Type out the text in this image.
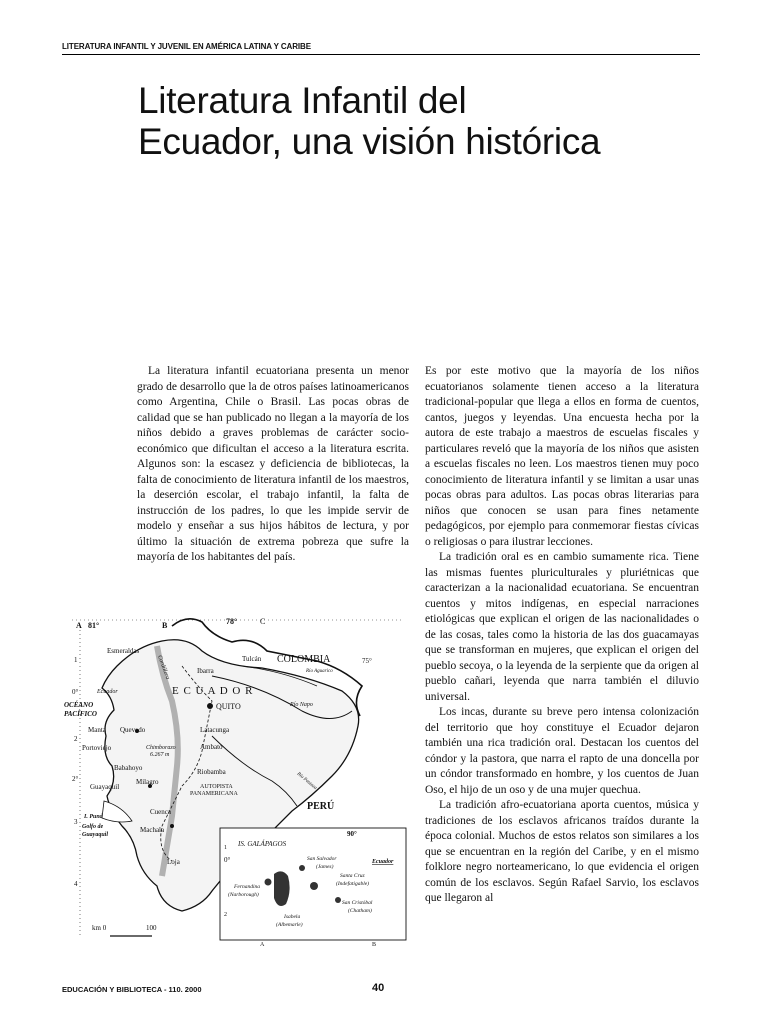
LITERATURA INFANTIL Y JUVENIL EN AMÉRICA LATINA Y CARIBE
Literatura Infantil del
Ecuador, una visión histórica

La literatura infantil ecuatoriana presenta un menor grado de desarrollo que la de otros países latinoamericanos como Argentina, Chile o Brasil. Las pocas obras de calidad que se han publicado no llegan a la mayoría de los niños debido a graves problemas de carácter socio-económico que dificultan el acceso a la literatura escrita. Algunos son: la escasez y deficiencia de bibliotecas, la falta de conocimiento de literatura infantil de los maestros, la deserción escolar, el trabajo infantil, la falta de instrucción de los padres, lo que les impide servir de modelo y enseñar a sus hijos hábitos de lectura, y por último la situación de extrema pobreza que sufre la mayoría de los habitantes del país.

Es por este motivo que la mayoría de los niños ecuatorianos solamente tienen acceso a la literatura tradicional-popular que llega a ellos en forma de cuentos, cantos, juegos y leyendas. Una encuesta hecha por la autora de este trabajo a maestros de escuelas fiscales y particulares reveló que la mayoría de los niños que asisten a escuelas fiscales no leen. Los maestros tienen muy poco conocimiento de literatura infantil y se limitan a usar unas pocas obras para adultos. Las pocas obras literarias para niños que conocen se usan para fines netamente pedagógicos, por ejemplo para conmemorar fiestas cívicas o religiosas o para ilustrar lecciones.

La tradición oral es en cambio sumamente rica. Tiene las mismas fuentes pluriculturales y pluriétnicas que caracterizan a la nacionalidad ecuatoriana. Se encuentran cuentos y mitos indígenas, en especial narraciones etiológicas que explican el origen de las nacionalidades o de las cosas, tales como la historia de las dos guacamayas que se transforman en mujeres, que explican el origen del pueblo secoya, o la leyenda de la serpiente que da origen al pueblo cañari, leyenda que narra también el diluvio universal.

Los incas, durante su breve pero intensa colonización del territorio que hoy constituye el Ecuador dejaron también una rica tradición oral. Destacan los cuentos del cóndor y la pastora, que narra el rapto de una doncella por un cóndor transformado en hombre, y los cuentos de Juan Oso, el hijo de un oso y de una mujer quechua.

La tradición afro-ecuatoriana aporta cuentos, música y tradiciones de los esclavos africanos traídos durante la época colonial. Muchos de estos relatos son similares a los que se encuentran en la región del Caribe, y en el mismo folklore negro norteamericano, lo que evidencia el origen común de los esclavos. Según Rafael Sarvio, los esclavos que llegaron al

A 81°	B	78°	C
75°
1
0°
2
2°
3
4
COLOMBIA
E C U A D O R
PERÚ
OCÉANO
PACÍFICO
Esmeraldas
Ecuador
Ibarra
Tulcán
QUITO	Río Napo
Río Aguarico
Manta Quevedo
Portoviejo
Latacunga
Chimborazo
6.267 m
Ambato
Babahoyo	Riobamba
Guayaquil
Milagro
AUTOPISTA
PANAMERICANA
I. Puná
Cuenca
Golfo de
Guayaquil
Machala
Loja
Río Pastaza
Cordillera
km 0	100
IS. GALÁPAGOS
90°
1
0°
2
A	B
Ecuador
San Salvador
(James)
Santa Cruz
(Indefatigable)
Fernandina
(Narborough)
San Cristóbal
(Chatham)
Isabela
(Albemarle)
EDUCACIÓN Y BIBLIOTECA - 110. 2000	40
